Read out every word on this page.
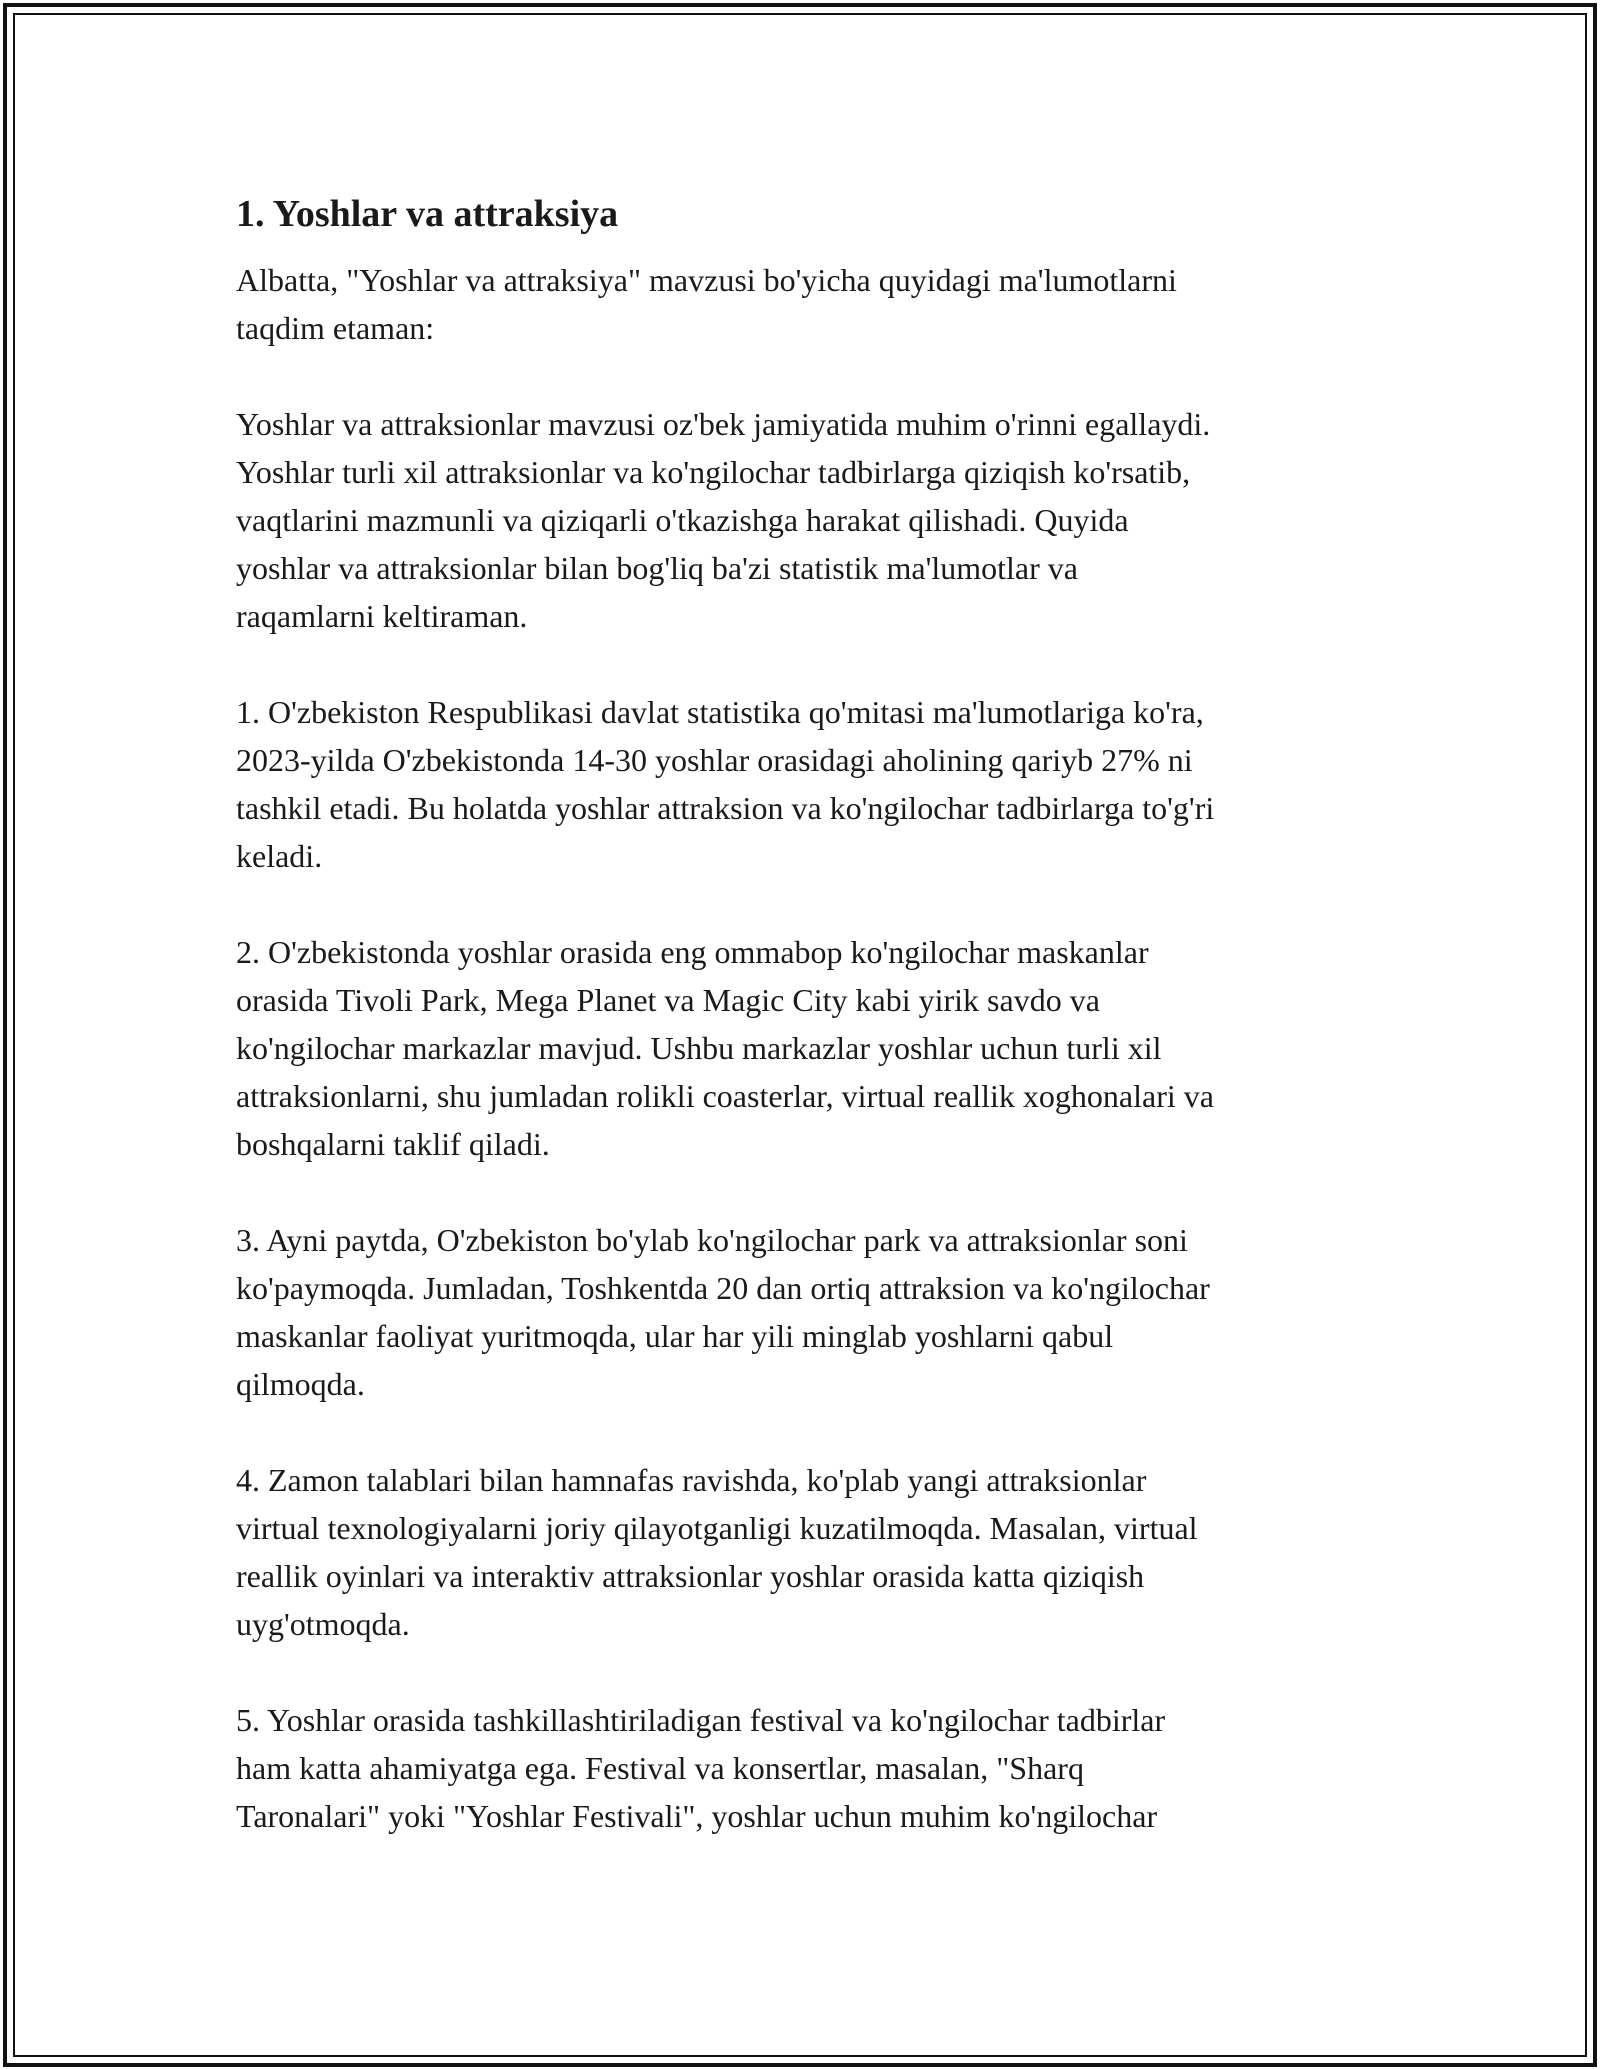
1. Yoshlar va attraksiya

Albatta, "Yoshlar va attraksiya" mavzusi bo'yicha quyidagi ma'lumotlarni
taqdim etaman:

Yoshlar va attraksionlar mavzusi oz'bek jamiyatida muhim o'rinni egallaydi.
Yoshlar turli xil attraksionlar va ko'ngilochar tadbirlarga qiziqish ko'rsatib,
vaqtlarini mazmunli va qiziqarli o'tkazishga harakat qilishadi. Quyida
yoshlar va attraksionlar bilan bog'liq ba'zi statistik ma'lumotlar va
raqamlarni keltiraman.

1. O'zbekiston Respublikasi davlat statistika qo'mitasi ma'lumotlariga ko'ra,
2023-yilda O'zbekistonda 14-30 yoshlar orasidagi aholining qariyb 27% ni
tashkil etadi. Bu holatda yoshlar attraksion va ko'ngilochar tadbirlarga to'g'ri
keladi.

2. O'zbekistonda yoshlar orasida eng ommabop ko'ngilochar maskanlar
orasida Tivoli Park, Mega Planet va Magic City kabi yirik savdo va
ko'ngilochar markazlar mavjud. Ushbu markazlar yoshlar uchun turli xil
attraksionlarni, shu jumladan rolikli coasterlar, virtual reallik xoghonalari va
boshqalarni taklif qiladi.

3. Ayni paytda, O'zbekiston bo'ylab ko'ngilochar park va attraksionlar soni
ko'paymoqda. Jumladan, Toshkentda 20 dan ortiq attraksion va ko'ngilochar
maskanlar faoliyat yuritmoqda, ular har yili minglab yoshlarni qabul
qilmoqda.

4. Zamon talablari bilan hamnafas ravishda, ko'plab yangi attraksionlar
virtual texnologiyalarni joriy qilayotganligi kuzatilmoqda. Masalan, virtual
reallik oyinlari va interaktiv attraksionlar yoshlar orasida katta qiziqish
uyg'otmoqda.

5. Yoshlar orasida tashkillashtiriladigan festival va ko'ngilochar tadbirlar
ham katta ahamiyatga ega. Festival va konsertlar, masalan, "Sharq
Taronalari" yoki "Yoshlar Festivali", yoshlar uchun muhim ko'ngilochar
